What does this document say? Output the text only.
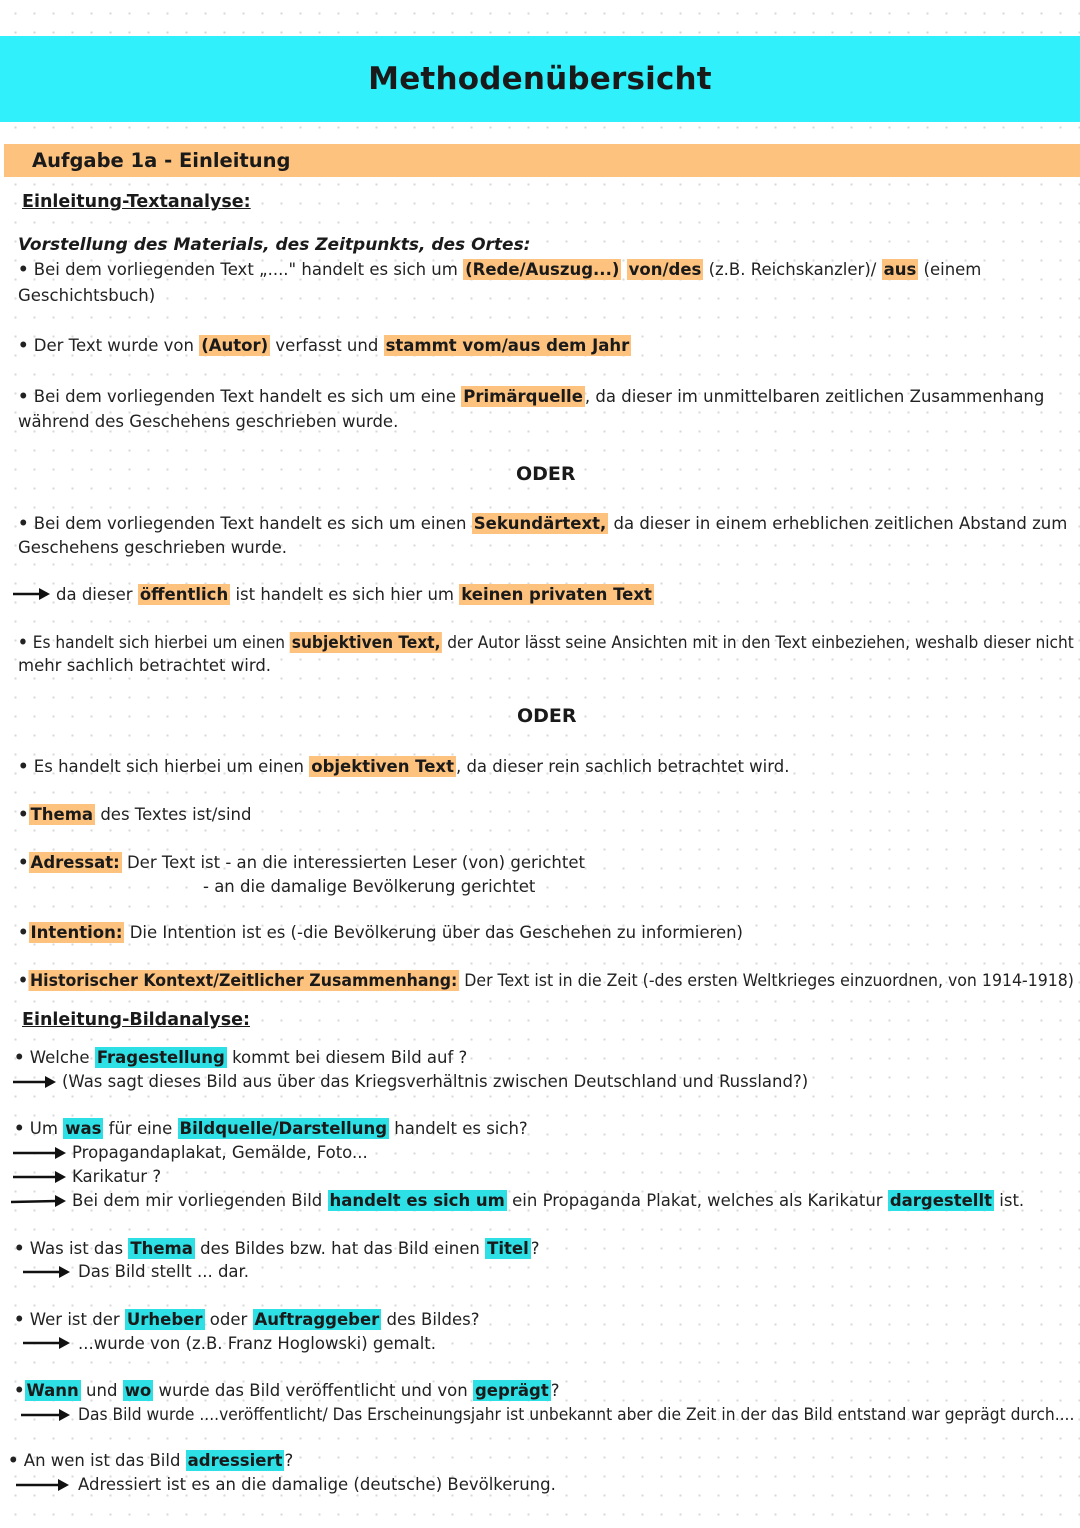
Methodenübersicht
Aufgabe 1a - Einleitung
Einleitung-Textanalyse:
Vorstellung des Materials, des Zeitpunkts, des Ortes:
• Bei dem vorliegenden Text „...." handelt es sich um (Rede/Auszug...) von/des (z.B. Reichskanzler)/ aus (einem
Geschichtsbuch)
• Der Text wurde von (Autor) verfasst und stammt vom/aus dem Jahr
• Bei dem vorliegenden Text handelt es sich um eine Primärquelle , da dieser im unmittelbaren zeitlichen Zusammenhang
während des Geschehens geschrieben wurde.
ODER
• Bei dem vorliegenden Text handelt es sich um einen Sekundärtext, da dieser in einem erheblichen zeitlichen Abstand zum
Geschehens geschrieben wurde.
da dieser öffentlich ist handelt es sich hier um keinen privaten Text
• Es handelt sich hierbei um einen subjektiven Text, der Autor lässt seine Ansichten mit in den Text einbeziehen, weshalb dieser nicht
mehr sachlich betrachtet wird.
ODER
• Es handelt sich hierbei um einen objektiven Text , da dieser rein sachlich betrachtet wird.
• Thema des Textes ist/sind
• Adressat: Der Text ist - an die interessierten Leser (von) gerichtet
- an die damalige Bevölkerung gerichtet
• Intention: Die Intention ist es (-die Bevölkerung über das Geschehen zu informieren)
• Historischer Kontext/Zeitlicher Zusammenhang: Der Text ist in die Zeit (-des ersten Weltkrieges einzuordnen, von 1914-1918)
Einleitung-Bildanalyse:
• Welche Fragestellung kommt bei diesem Bild auf ?
(Was sagt dieses Bild aus über das Kriegsverhältnis zwischen Deutschland und Russland?)
• Um was für eine Bildquelle/Darstellung handelt es sich?
Propagandaplakat, Gemälde, Foto...
Karikatur ?
Bei dem mir vorliegenden Bild handelt es sich um ein Propaganda Plakat, welches als Karikatur dargestellt ist.
• Was ist das Thema des Bildes bzw. hat das Bild einen Titel ?
Das Bild stellt ... dar.
• Wer ist der Urheber oder Auftraggeber des Bildes?
...wurde von (z.B. Franz Hoglowski) gemalt.
• Wann und wo wurde das Bild veröffentlicht und von geprägt ?
Das Bild wurde ....veröffentlicht/ Das Erscheinungsjahr ist unbekannt aber die Zeit in der das Bild entstand war geprägt durch....
• An wen ist das Bild adressiert ?
Adressiert ist es an die damalige (deutsche) Bevölkerung.
